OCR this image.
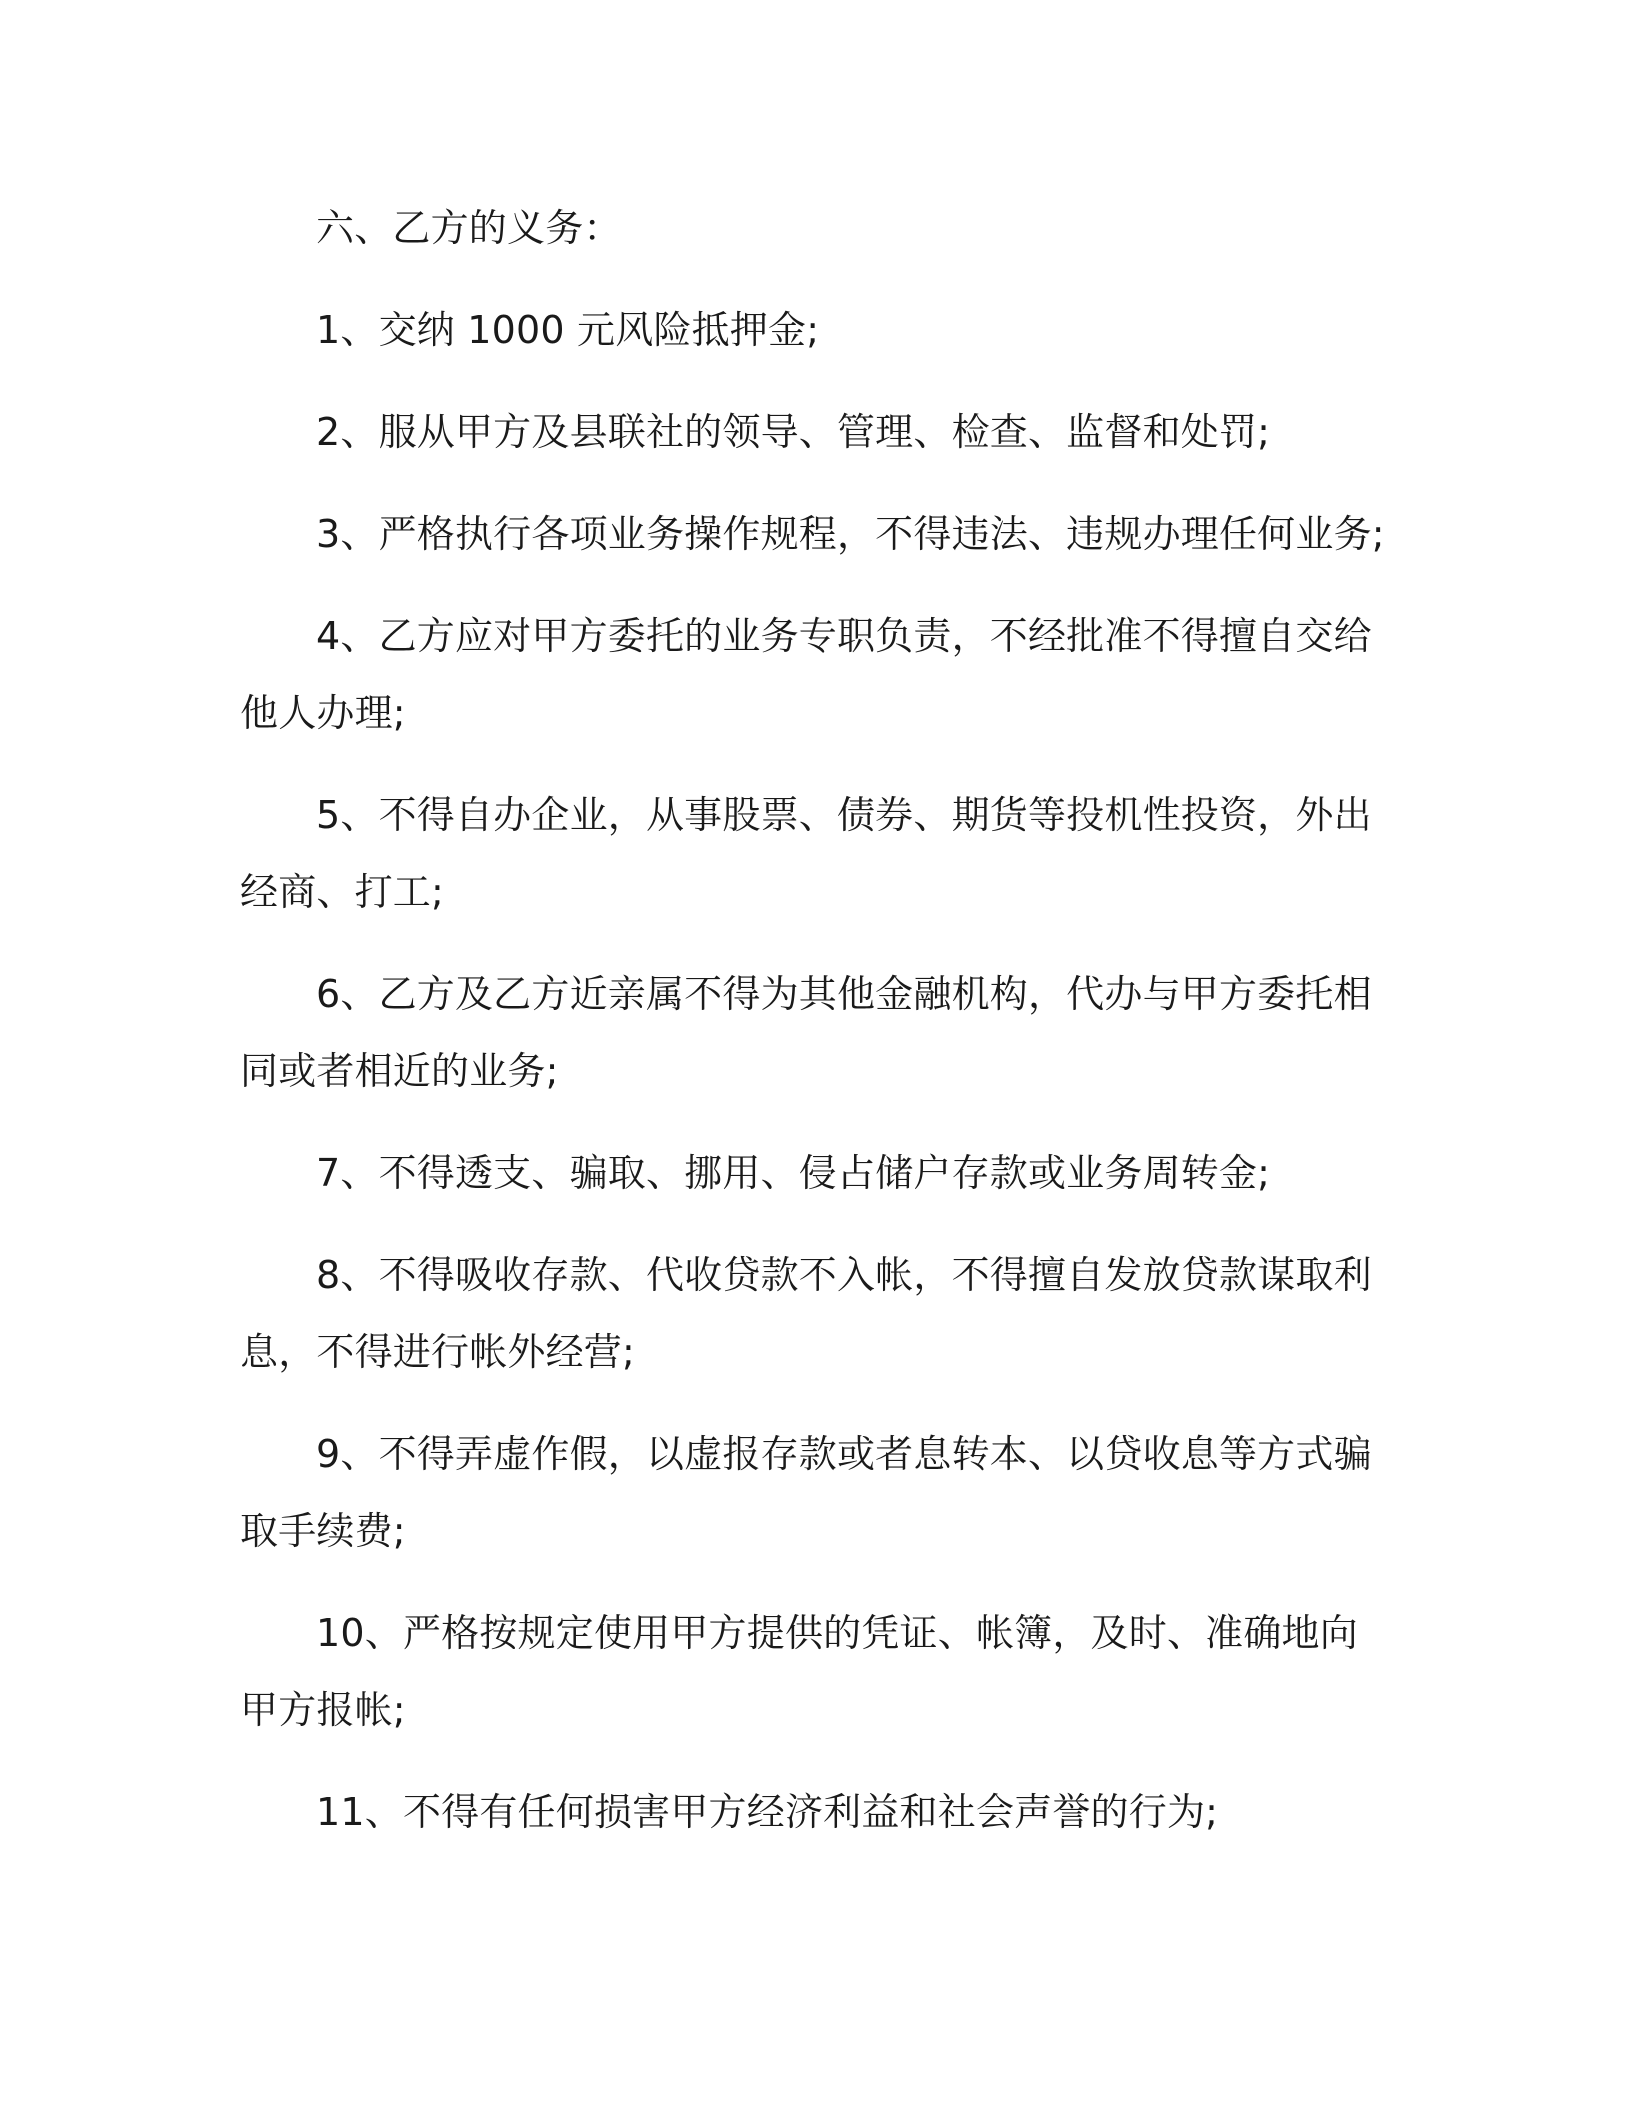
六、乙方的义务：

1、交纳 1000 元风险抵押金;

2、服从甲方及县联社的领导、管理、检查、监督和处罚;

3、严格执行各项业务操作规程，不得违法、违规办理任何业务;

4、乙方应对甲方委托的业务专职负责，不经批准不得擅自交给他人办理;

5、不得自办企业，从事股票、债券、期货等投机性投资，外出经商、打工;

6、乙方及乙方近亲属不得为其他金融机构，代办与甲方委托相同或者相近的业务;

7、不得透支、骗取、挪用、侵占储户存款或业务周转金;

8、不得吸收存款、代收贷款不入帐，不得擅自发放贷款谋取利息，不得进行帐外经营;

9、不得弄虚作假，以虚报存款或者息转本、以贷收息等方式骗取手续费;

10、严格按规定使用甲方提供的凭证、帐簿，及时、准确地向甲方报帐;

11、不得有任何损害甲方经济利益和社会声誉的行为;
